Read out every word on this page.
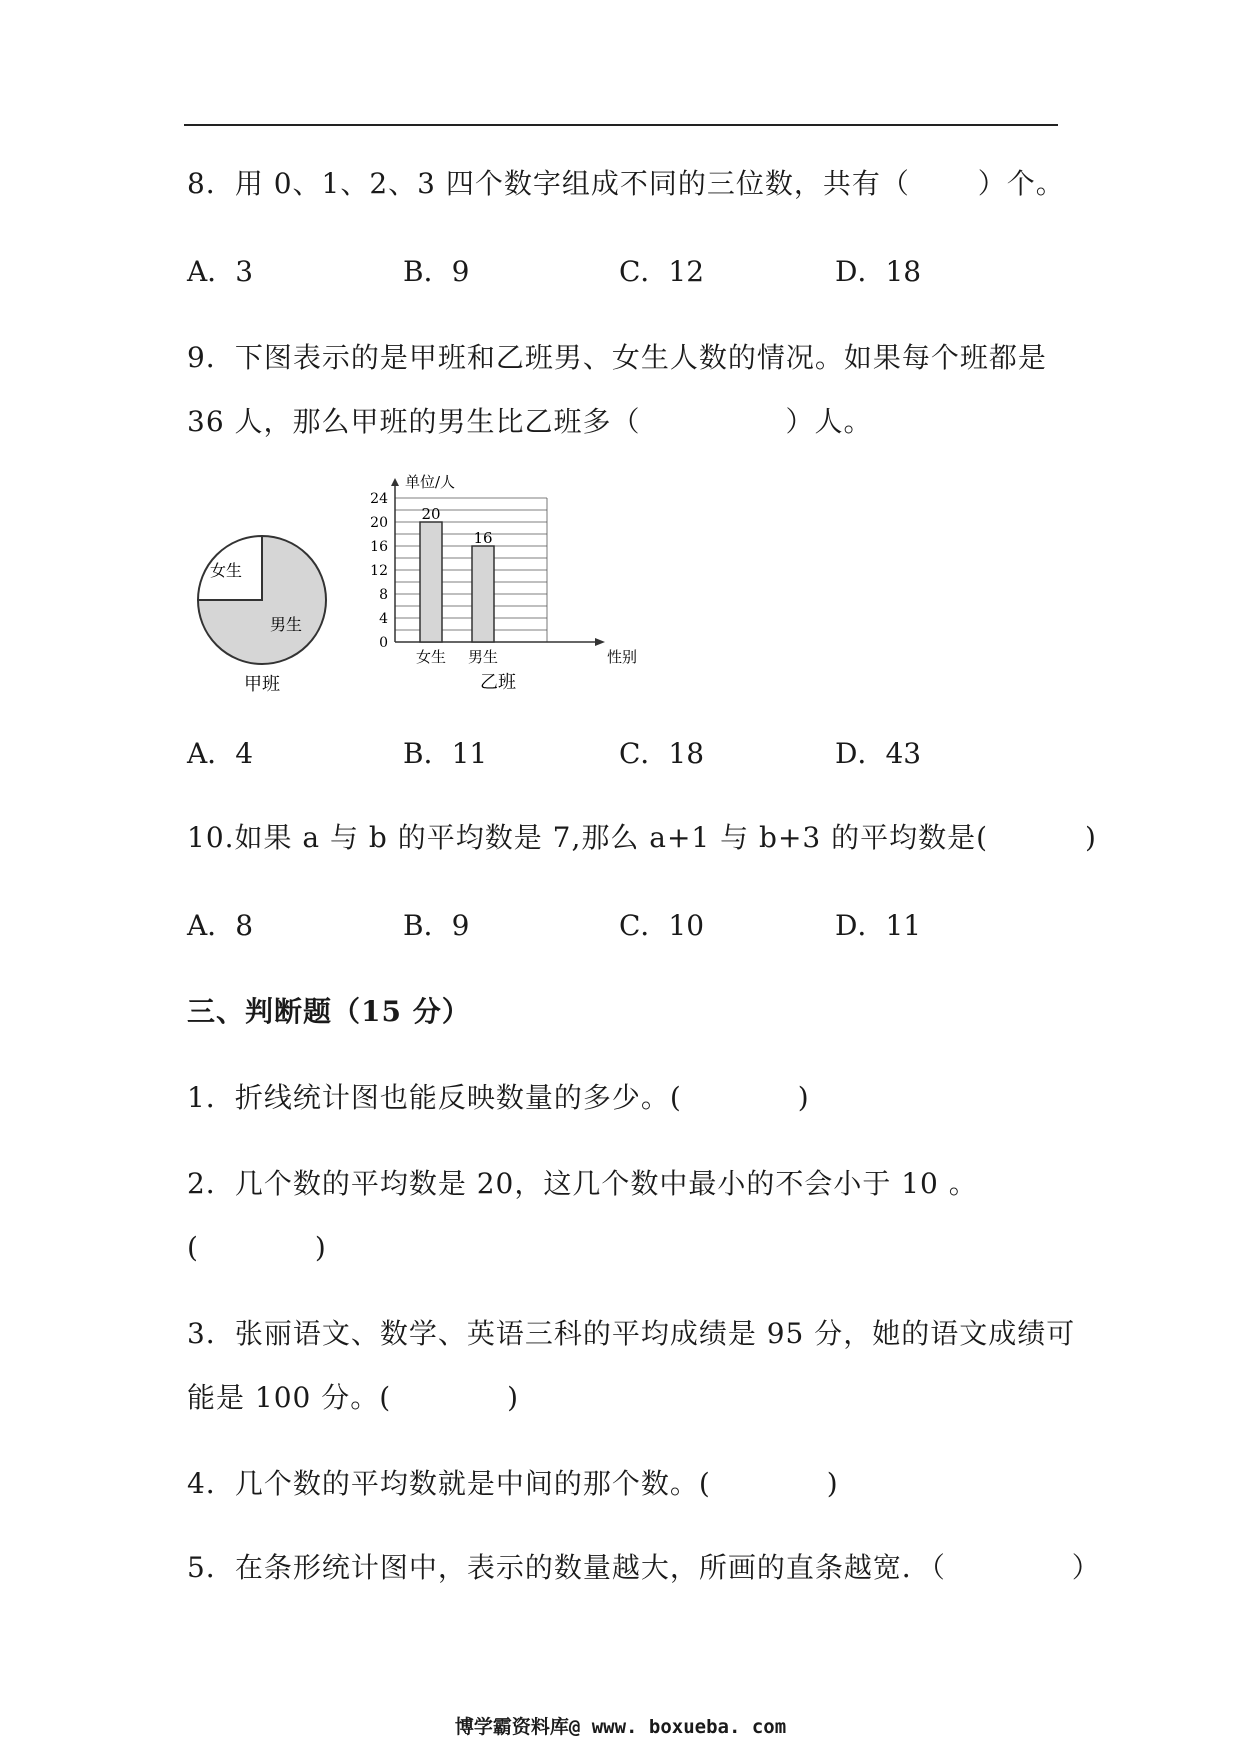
8．用 0、1、2、3 四个数字组成不同的三位数，共有（　　 ）个。
A．3	B．9	C．12	D．18
9．下图表示的是甲班和乙班男、女生人数的情况。如果每个班都是
36 人，那么甲班的男生比乙班多（　　　　　）人。
女生
男生
甲班
0
4
8
12
16
20
24
单位/人
性别
乙班
20
女生
16
男生
A．4	B．11	C．18	D．43
10.如果 a 与 b 的平均数是 7,那么 a+1 与 b+3 的平均数是(　　　 )
A．8	B．9	C．10	D．11
三、判断题（15 分）
1．折线统计图也能反映数量的多少。(　　　　)
2．几个数的平均数是 20，这几个数中最小的不会小于 10 。
(　　　　)
3．张丽语文、数学、英语三科的平均成绩是 95 分，她的语文成绩可
能是 100 分。(　　　　)
4．几个数的平均数就是中间的那个数。(　　　　)
5．在条形统计图中，表示的数量越大，所画的直条越宽．（　　　　 ）
博学霸资料库@ www. boxueba. com
